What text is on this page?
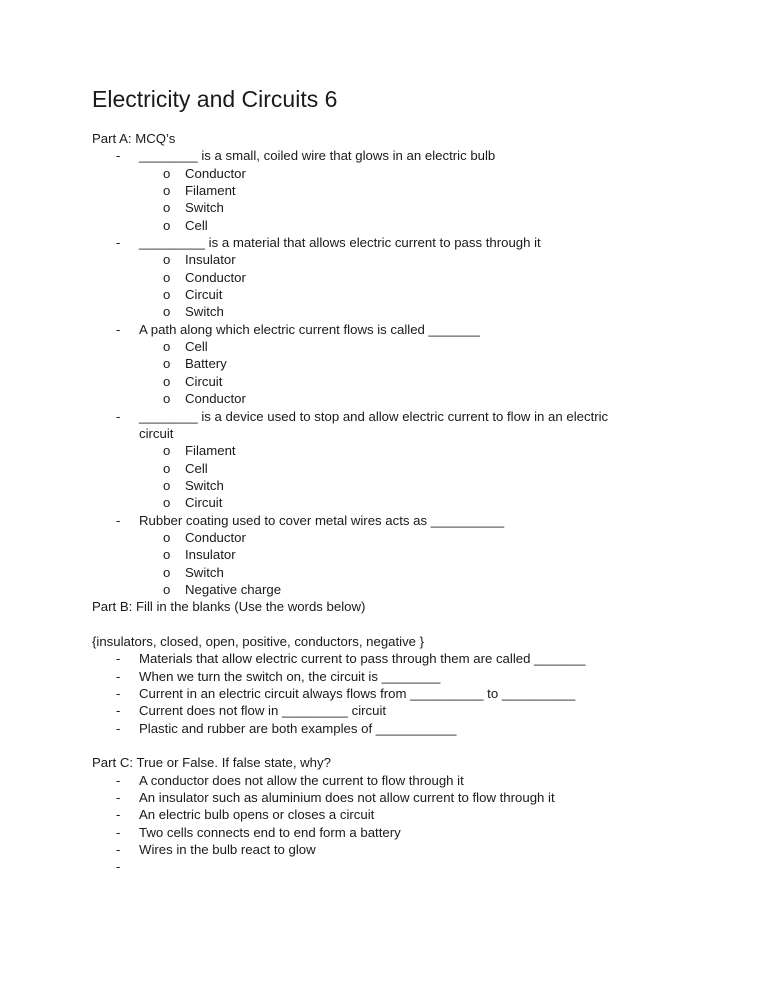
Electricity and Circuits 6
Part A: MCQ’s
- ________ is a small, coiled wire that glows in an electric bulb
o Conductor
o Filament
o Switch
o Cell
- _________ is a material that allows electric current to pass through it
o Insulator
o Conductor
o Circuit
o Switch
- A path along which electric current flows is called _______
o Cell
o Battery
o Circuit
o Conductor
- ________ is a device used to stop and allow electric current to flow in an electric
circuit
o Filament
o Cell
o Switch
o Circuit
- Rubber coating used to cover metal wires acts as __________
o Conductor
o Insulator
o Switch
o Negative charge
Part B: Fill in the blanks (Use the words below)
{insulators, closed, open, positive, conductors, negative }
- Materials that allow electric current to pass through them are called _______
- When we turn the switch on, the circuit is ________
- Current in an electric circuit always flows from __________ to __________
- Current does not flow in _________ circuit
- Plastic and rubber are both examples of ___________
Part C: True or False. If false state, why?
- A conductor does not allow the current to flow through it
- An insulator such as aluminium does not allow current to flow through it
- An electric bulb opens or closes a circuit
- Two cells connects end to end form a battery
- Wires in the bulb react to glow
-
